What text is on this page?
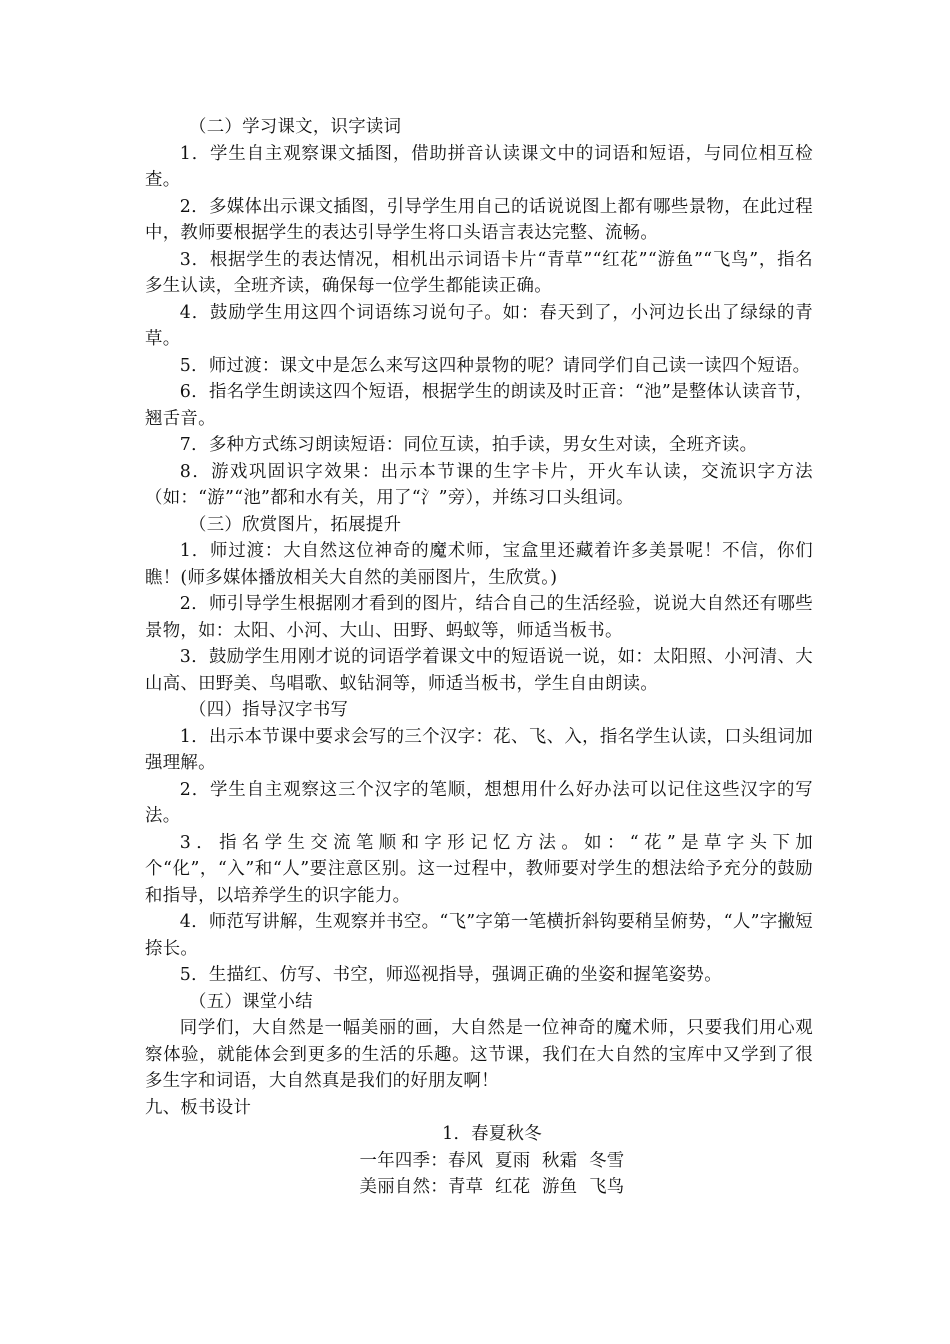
（二）学习课文，识字读词
1．学生自主观察课文插图，借助拼音认读课文中的词语和短语，与同位相互检查。
2．多媒体出示课文插图，引导学生用自己的话说说图上都有哪些景物，在此过程中，教师要根据学生的表达引导学生将口头语言表达完整、流畅。
3．根据学生的表达情况，相机出示词语卡片“青草”“红花”“游鱼”“飞鸟”，指名多生认读，全班齐读，确保每一位学生都能读正确。
4．鼓励学生用这四个词语练习说句子。如：春天到了，小河边长出了绿绿的青草。
5．师过渡：课文中是怎么来写这四种景物的呢？请同学们自己读一读四个短语。
6．指名学生朗读这四个短语，根据学生的朗读及时正音：“池”是整体认读音节，翘舌音。
7．多种方式练习朗读短语：同位互读，拍手读，男女生对读，全班齐读。
8．游戏巩固识字效果：出示本节课的生字卡片，开火车认读，交流识字方法（如：“游”“池”都和水有关，用了“氵”旁），并练习口头组词。
（三）欣赏图片，拓展提升
1．师过渡：大自然这位神奇的魔术师，宝盒里还藏着许多美景呢！不信，你们瞧！(师多媒体播放相关大自然的美丽图片，生欣赏。)
2．师引导学生根据刚才看到的图片，结合自己的生活经验，说说大自然还有哪些景物，如：太阳、小河、大山、田野、蚂蚁等，师适当板书。
3．鼓励学生用刚才说的词语学着课文中的短语说一说，如：太阳照、小河清、大山高、田野美、鸟唱歌、蚁钻洞等，师适当板书，学生自由朗读。
（四）指导汉字书写
1．出示本节课中要求会写的三个汉字：花、飞、入，指名学生认读，口头组词加强理解。
2．学生自主观察这三个汉字的笔顺，想想用什么好办法可以记住这些汉字的写法。
3．指名学生交流笔顺和字形记忆方法。如：“花”是草字头下加个“化”，“入”和“人”要注意区别。这一过程中，教师要对学生的想法给予充分的鼓励和指导，以培养学生的识字能力。
4．师范写讲解，生观察并书空。“飞”字第一笔横折斜钩要稍呈俯势，“人”字撇短捺长。
5．生描红、仿写、书空，师巡视指导，强调正确的坐姿和握笔姿势。
（五）课堂小结
同学们，大自然是一幅美丽的画，大自然是一位神奇的魔术师，只要我们用心观察体验，就能体会到更多的生活的乐趣。这节课，我们在大自然的宝库中又学到了很多生字和词语，大自然真是我们的好朋友啊！
九、板书设计
1．春夏秋冬
一年四季：春风  夏雨  秋霜  冬雪
美丽自然：青草  红花  游鱼  飞鸟
